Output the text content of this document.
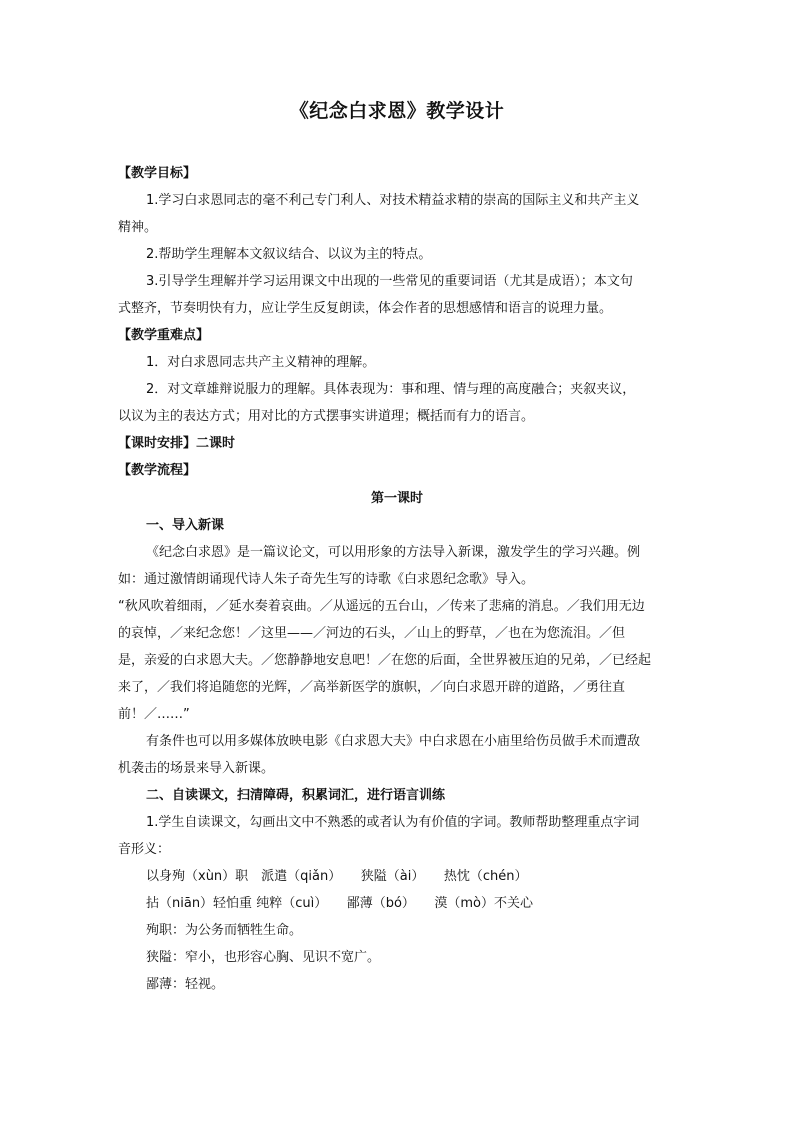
《纪念白求恩》教学设计
【教学目标】
1.学习白求恩同志的毫不利己专门利人、对技术精益求精的崇高的国际主义和共产主义
精神。
2.帮助学生理解本文叙议结合、以议为主的特点。
3.引导学生理解并学习运用课文中出现的一些常见的重要词语（尤其是成语）；本文句
式整齐，节奏明快有力，应让学生反复朗读，体会作者的思想感情和语言的说理力量。
【教学重难点】
1．对白求恩同志共产主义精神的理解。
2．对文章雄辩说服力的理解。具体表现为：事和理、情与理的高度融合；夹叙夹议，
以议为主的表达方式；用对比的方式摆事实讲道理；概括而有力的语言。
【课时安排】二课时
【教学流程】
第一课时
一、导入新课
《纪念白求恩》是一篇议论文，可以用形象的方法导入新课，激发学生的学习兴趣。例
如：通过激情朗诵现代诗人朱子奇先生写的诗歌《白求恩纪念歌》导入。
“秋风吹着细雨，／延水奏着哀曲。／从遥远的五台山，／传来了悲痛的消息。／我们用无边
的哀悼，／来纪念您！／这里——／河边的石头，／山上的野草，／也在为您流泪。／但
是，亲爱的白求恩大夫。／您静静地安息吧！／在您的后面，全世界被压迫的兄弟，／已经起
来了，／我们将追随您的光辉，／高举新医学的旗帜，／向白求恩开辟的道路，／勇往直
前！／……”
有条件也可以用多媒体放映电影《白求恩大夫》中白求恩在小庙里给伤员做手术而遭敌
机袭击的场景来导入新课。
二、自读课文，扫清障碍，积累词汇，进行语言训练
1.学生自读课文，勾画出文中不熟悉的或者认为有价值的字词。教师帮助整理重点字词
音形义：
以身殉（xùn）职　派遣（qiǎn）　　狭隘（ài）　　热忱（chén）
拈（niān）轻怕重 纯粹（cuì）　　鄙薄（bó）　　漠（mò）不关心
殉职：为公务而牺牲生命。
狭隘：窄小，也形容心胸、见识不宽广。
鄙薄：轻视。
